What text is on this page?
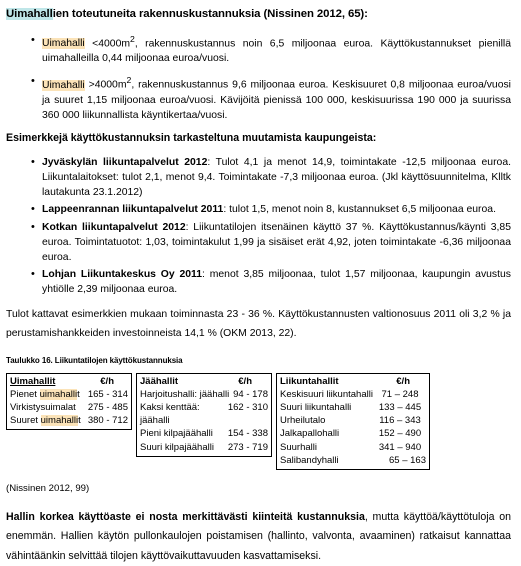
Uimahallien toteutuneita rakennuskustannuksia (Nissinen 2012, 65):
• Uimahalli $<4000m^2$, rakennuskustannus noin 6,5 miljoonaa euroa. Käyttökustannukset pienillä uimahalleilla 0,44 miljoonaa euroa/vuosi.
• Uimahalli $>4000m^2$, rakennuskustannus 9,6 miljoonaa euroa. Keskisuuret 0,8 miljoonaa euroa/vuosi ja suuret 1,15 miljoonaa euroa/vuosi. Kävijöitä pienissä 100 000, keskisuurissa 190 000 ja suurissa 360 000 liikunnallista käyntikertaa/vuosi.
Esimerkkejä käyttökustannuksin tarkasteltuna muutamista kaupungeista:
• Jyväskylän liikuntapalvelut 2012: Tulot 4,1 ja menot 14,9, toimintakate -12,5 miljoonaa euroa. Liikuntalaitokset: tulot 2,1, menot 9,4. Toimintakate -7,3 miljoonaa euroa. (Jkl käyttösuunnitelma, Klltk lautakunta 23.1.2012)
• Lappeenrannan liikuntapalvelut 2011: tulot 1,5, menot noin 8, kustannukset 6,5 miljoonaa euroa.
• Kotkan liikuntapalvelut 2012: Liikuntatilojen itsenäinen käyttö 37 %. Käyttökustannus/käynti 3,85 euroa. Toimintatuotot: 1,03, toimintakulut 1,99 ja sisäiset erät 4,92, joten toimintakate -6,36 miljoonaa euroa.
• Lohjan Liikuntakeskus Oy 2011: menot 3,85 miljoonaa, tulot 1,57 miljoonaa, kaupungin avustus yhtiölle 2,39 miljoonaa euroa.
Tulot kattavat esimerkkien mukaan toiminnasta 23 - 36 %. Käyttökustannusten valtionosuus 2011 oli 3,2 % ja perustamishankkeiden investoinneista 14,1 % (OKM 2013, 22).
Taulukko 16. Liikuntatilojen käyttökustannuksia
Uimahallit	€/h
Pienet uimahallit 165 - 314
Virkistysuimalat 275 - 485
Suuret uimahallit 380 - 712
Jäähallit	€/h
Harjoitushalli: jäähalli 94 - 178
Kaksi kenttää: jäähalli
162 - 310
Pieni kilpajäähalli 154 - 338
Suuri kilpajäähalli 273 - 719
Liikuntahallit	€/h
Keskisuuri liikuntahalli 71 – 248
Suuri liikuntahalli	133 – 445
Urheilutalo	116 – 343
Jalkapallohalli	152 – 490
Suurhalli	341 – 940
Salibandyhalli	65 – 163
(Nissinen 2012, 99)
Hallin korkea käyttöaste ei nosta merkittävästi kiinteitä kustannuksia, mutta käyttöä/käyttötuloja on enemmän. Hallien käytön pullonkaulojen poistamisen (hallinto, valvonta, avaaminen) ratkaisut kannattaa vähintäänkin selvittää tilojen käyttövaikuttavuuden kasvattamiseksi.
